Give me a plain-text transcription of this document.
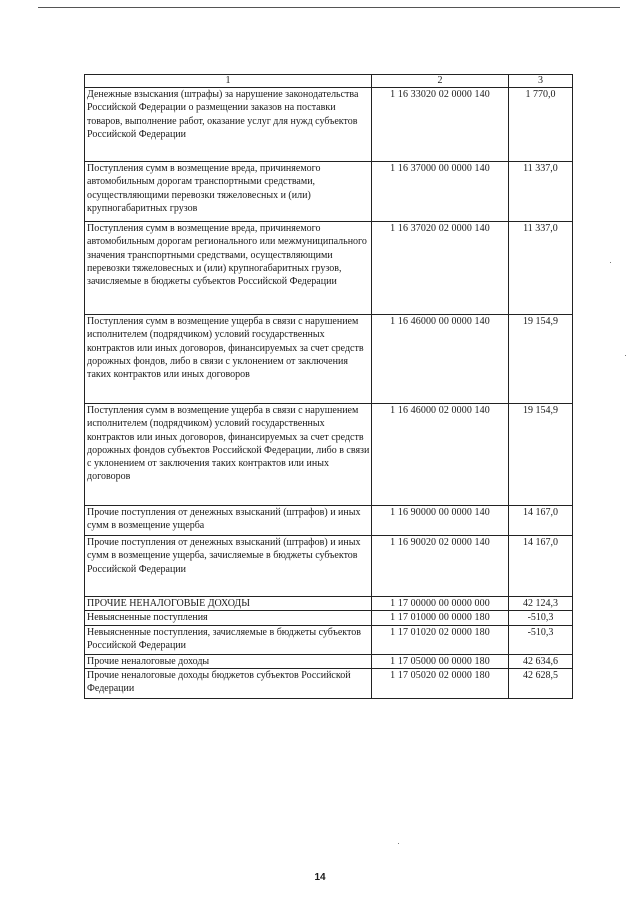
1	2	3
Денежные взыскания (штрафы) за нарушение законодательства Российской Федерации о размещении заказов на поставки товаров, выполнение работ, оказание услуг для нужд субъектов Российской Федерации	1 16 33020 02 0000 140	1 770,0
Поступления сумм в возмещение вреда, причиняемого автомобильным дорогам транспортными средствами, осуществляющими перевозки тяжеловесных и (или) крупногабаритных грузов	1 16 37000 00 0000 140	11 337,0
Поступления сумм в возмещение вреда, причиняемого автомобильным дорогам регионального или межмуниципального значения транспортными средствами, осуществляющими перевозки тяжеловесных и (или) крупногабаритных грузов, зачисляемые в бюджеты субъектов Российской Федерации	1 16 37020 02 0000 140	11 337,0
Поступления сумм в возмещение ущерба в связи с нарушением исполнителем (подрядчиком) условий государственных контрактов или иных договоров, финансируемых за счет средств дорожных фондов, либо в связи с уклонением от заключения таких контрактов или иных договоров	1 16 46000 00 0000 140	19 154,9
Поступления сумм в возмещение ущерба в связи с нарушением исполнителем (подрядчиком) условий государственных контрактов или иных договоров, финансируемых за счет средств дорожных фондов субъектов Российской Федерации, либо в связи с уклонением от заключения таких контрактов или иных договоров	1 16 46000 02 0000 140	19 154,9
Прочие поступления от денежных взысканий (штрафов) и иных сумм в возмещение ущерба	1 16 90000 00 0000 140	14 167,0
Прочие поступления от денежных взысканий (штрафов) и иных сумм в возмещение ущерба, зачисляемые в бюджеты субъектов Российской Федерации	1 16 90020 02 0000 140	14 167,0
ПРОЧИЕ НЕНАЛОГОВЫЕ ДОХОДЫ	1 17 00000 00 0000 000	42 124,3
Невыясненные поступления	1 17 01000 00 0000 180	-510,3
Невыясненные поступления, зачисляемые в бюджеты субъектов Российской Федерации	1 17 01020 02 0000 180	-510,3
Прочие неналоговые доходы	1 17 05000 00 0000 180	42 634,6
Прочие неналоговые доходы бюджетов субъектов Российской Федерации	1 17 05020 02 0000 180	42 628,5
14
